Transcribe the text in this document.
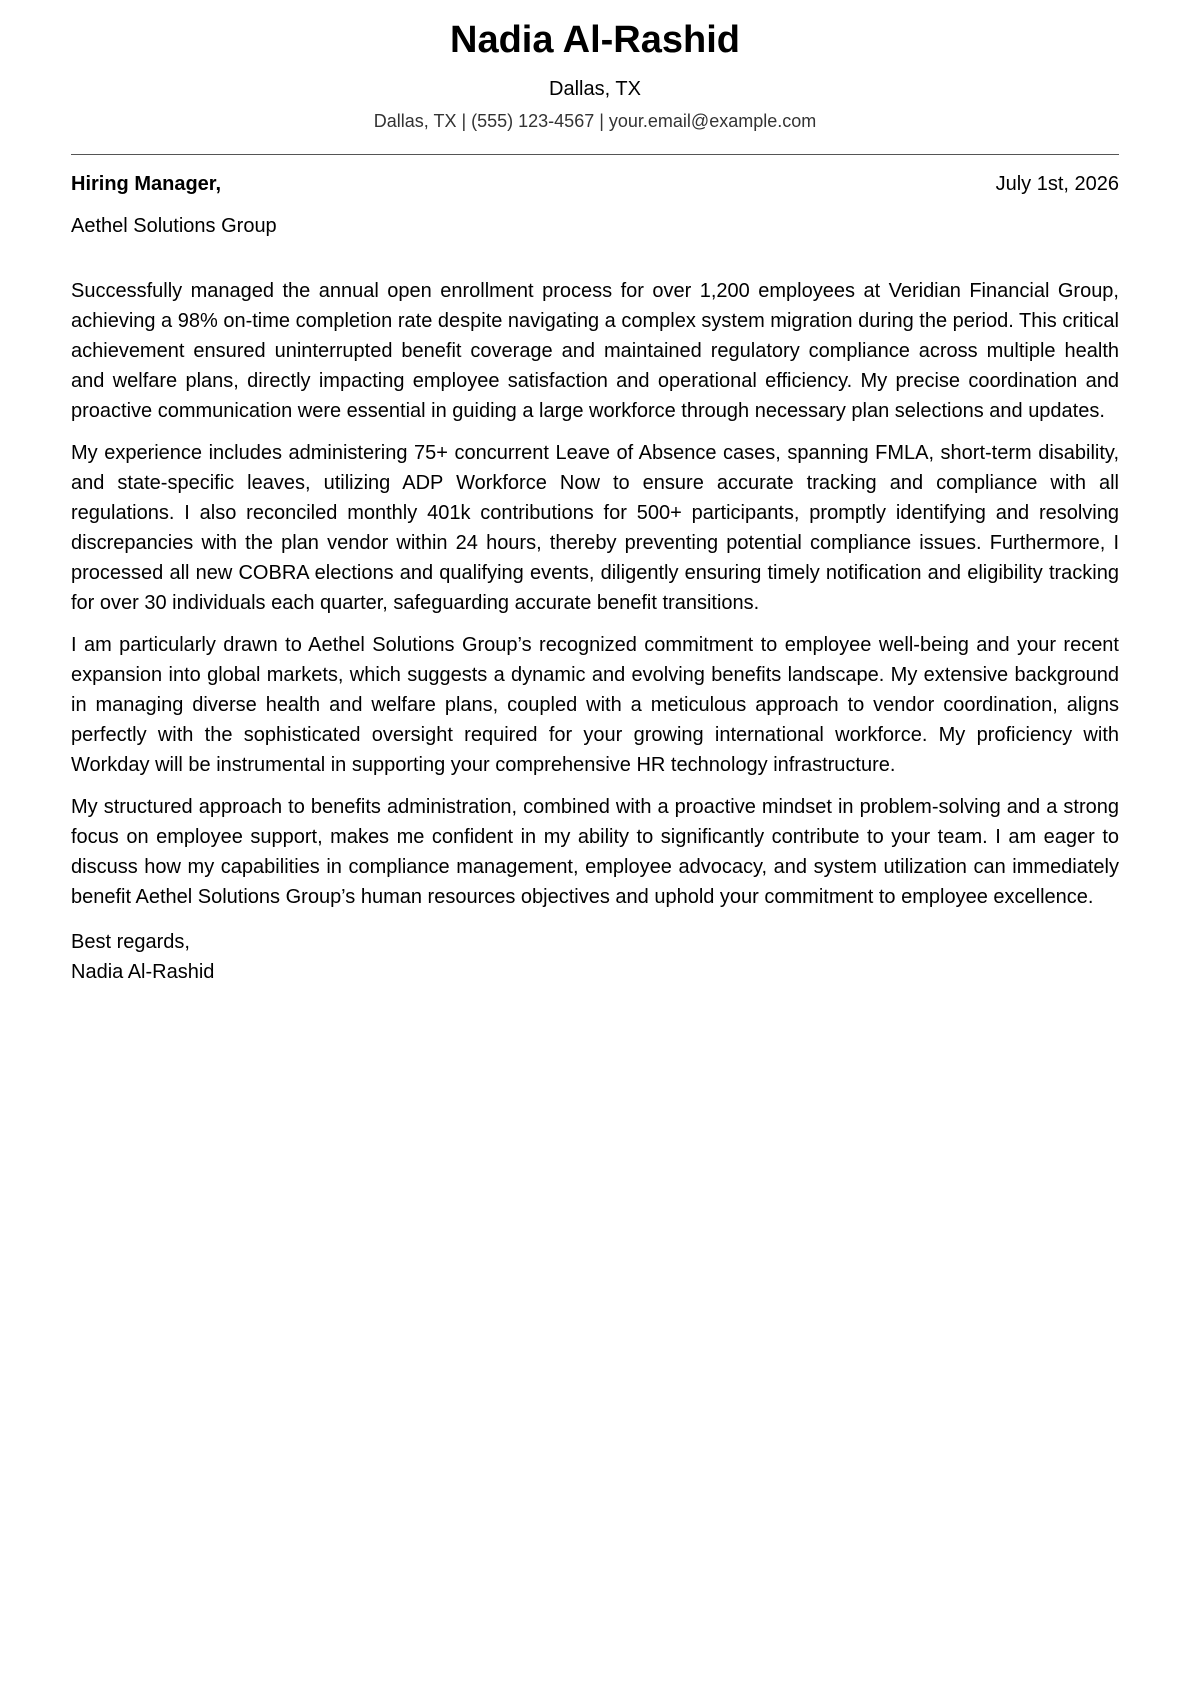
Nadia Al-Rashid
Dallas, TX
Dallas, TX | (555) 123-4567 | your.email@example.com
Hiring Manager,	July 1st, 2026
Aethel Solutions Group

Successfully managed the annual open enrollment process for over 1,200 employees at Veridian Financial Group, achieving a 98% on-time completion rate despite navigating a complex system migration during the period. This critical achievement ensured uninterrupted benefit coverage and maintained regulatory compliance across multiple health and welfare plans, directly impacting employee satisfaction and operational efficiency. My precise coordination and proactive communication were essential in guiding a large workforce through necessary plan selections and updates.

My experience includes administering 75+ concurrent Leave of Absence cases, spanning FMLA, short-term disability, and state-specific leaves, utilizing ADP Workforce Now to ensure accurate tracking and compliance with all regulations. I also reconciled monthly 401k contributions for 500+ participants, promptly identifying and resolving discrepancies with the plan vendor within 24 hours, thereby preventing potential compliance issues. Furthermore, I processed all new COBRA elections and qualifying events, diligently ensuring timely notification and eligibility tracking for over 30 individuals each quarter, safeguarding accurate benefit transitions.

I am particularly drawn to Aethel Solutions Group’s recognized commitment to employee well-being and your recent expansion into global markets, which suggests a dynamic and evolving benefits landscape. My extensive background in managing diverse health and welfare plans, coupled with a meticulous approach to vendor coordination, aligns perfectly with the sophisticated oversight required for your growing international workforce. My proficiency with Workday will be instrumental in supporting your comprehensive HR technology infrastructure.

My structured approach to benefits administration, combined with a proactive mindset in problem-solving and a strong focus on employee support, makes me confident in my ability to significantly contribute to your team. I am eager to discuss how my capabilities in compliance management, employee advocacy, and system utilization can immediately benefit Aethel Solutions Group’s human resources objectives and uphold your commitment to employee excellence.

Best regards,
Nadia Al-Rashid
